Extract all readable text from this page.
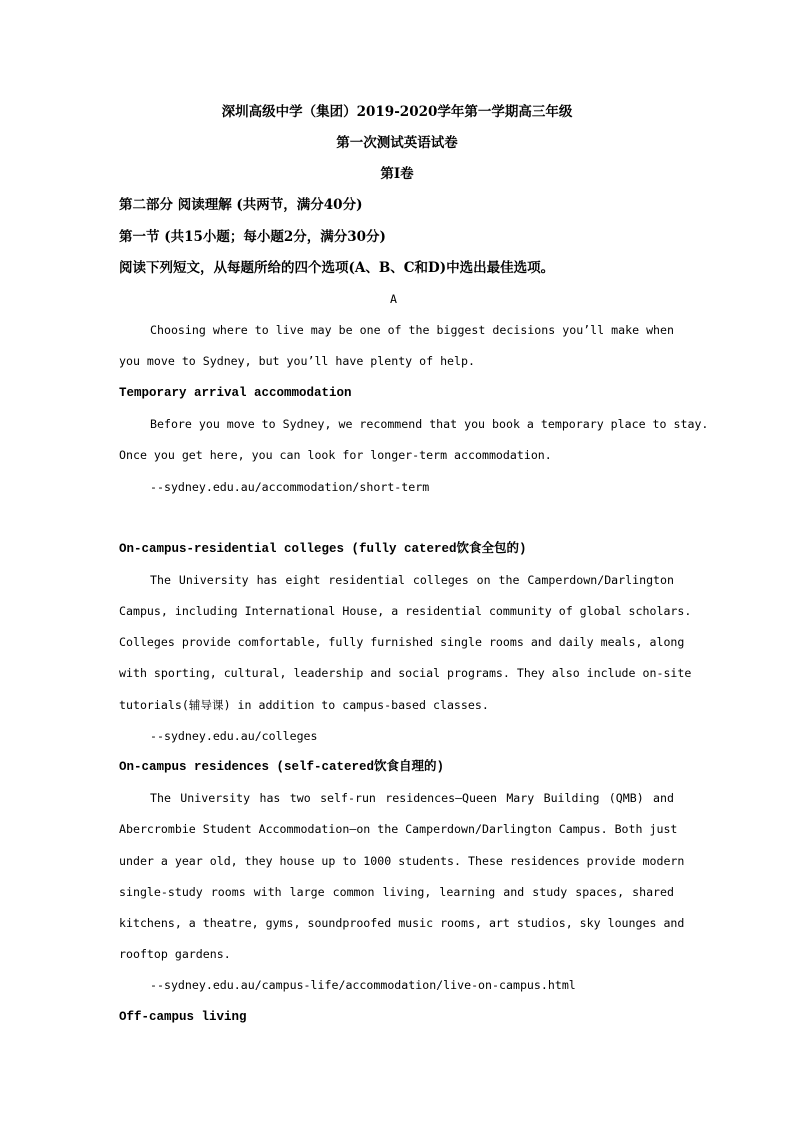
深圳高级中学（集团）2019-2020学年第一学期高三年级
第一次测试英语试卷
第Ⅰ卷
第二部分 阅读理解 (共两节，满分40分)
第一节 (共15小题；每小题2分，满分30分)
阅读下列短文，从每题所给的四个选项(A、B、C和D)中选出最佳选项。
A
Choosing where to live may be one of the biggest decisions you’ll make when
you move to Sydney, but you’ll have plenty of help.
Temporary arrival accommodation
Before you move to Sydney, we recommend that you book a temporary place to stay.
Once you get here, you can look for longer-term accommodation.
--sydney.edu.au/accommodation/short-term
On-campus-residential colleges (fully catered饮食全包的)
The University has eight residential colleges on the Camperdown/Darlington
Campus, including International House, a residential community of global scholars.
Colleges provide comfortable, fully furnished single rooms and daily meals, along
with sporting, cultural, leadership and social programs. They also include on-site
tutorials(辅导课) in addition to campus-based classes.
--sydney.edu.au/colleges
On-campus residences (self-catered饮食自理的)
The University has two self-run residences—Queen Mary Building (QMB) and
Abercrombie Student Accommodation—on the Camperdown/Darlington Campus. Both just
under a year old, they house up to 1000 students. These residences provide modern
single-study rooms with large common living, learning and study spaces, shared
kitchens, a theatre, gyms, soundproofed music rooms, art studios, sky lounges and
rooftop gardens.
--sydney.edu.au/campus-life/accommodation/live-on-campus.html
Off-campus living
